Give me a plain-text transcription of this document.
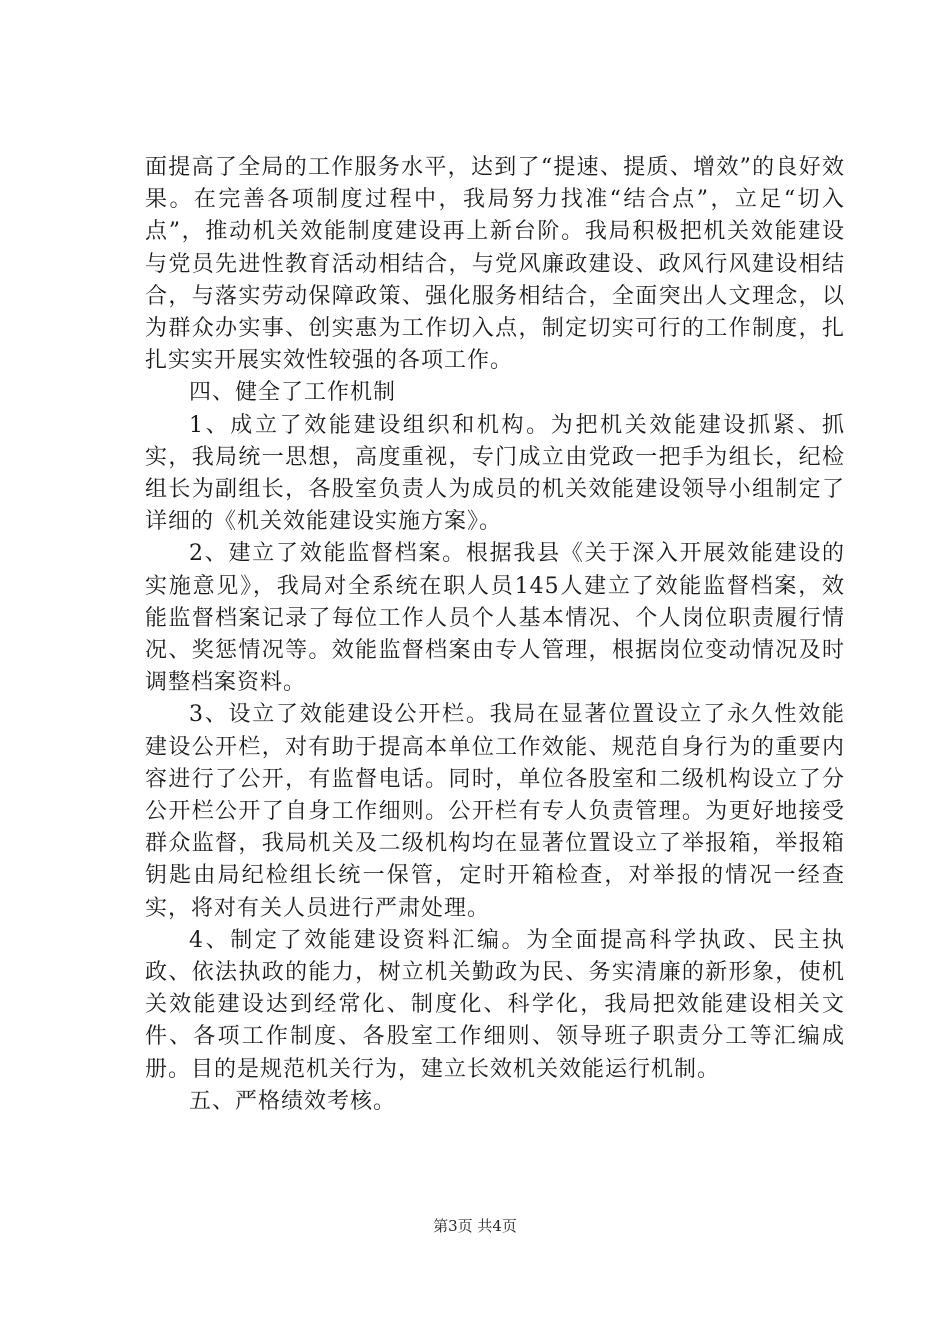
面提高了全局的工作服务水平，达到了“提速、提质、增效”的良好效果。在完善各项制度过程中，我局努力找准“结合点”，立足“切入点”，推动机关效能制度建设再上新台阶。我局积极把机关效能建设与党员先进性教育活动相结合，与党风廉政建设、政风行风建设相结合，与落实劳动保障政策、强化服务相结合，全面突出人文理念，以为群众办实事、创实惠为工作切入点，制定切实可行的工作制度，扎扎实实开展实效性较强的各项工作。

四、健全了工作机制

1、成立了效能建设组织和机构。为把机关效能建设抓紧、抓实，我局统一思想，高度重视，专门成立由党政一把手为组长，纪检组长为副组长，各股室负责人为成员的机关效能建设领导小组制定了详细的《机关效能建设实施方案》。

2、建立了效能监督档案。根据我县《关于深入开展效能建设的实施意见》，我局对全系统在职人员145人建立了效能监督档案，效能监督档案记录了每位工作人员个人基本情况、个人岗位职责履行情况、奖惩情况等。效能监督档案由专人管理，根据岗位变动情况及时调整档案资料。

3、设立了效能建设公开栏。我局在显著位置设立了永久性效能建设公开栏，对有助于提高本单位工作效能、规范自身行为的重要内容进行了公开，有监督电话。同时，单位各股室和二级机构设立了分公开栏公开了自身工作细则。公开栏有专人负责管理。为更好地接受群众监督，我局机关及二级机构均在显著位置设立了举报箱，举报箱钥匙由局纪检组长统一保管，定时开箱检查，对举报的情况一经查实，将对有关人员进行严肃处理。

4、制定了效能建设资料汇编。为全面提高科学执政、民主执政、依法执政的能力，树立机关勤政为民、务实清廉的新形象，使机关效能建设达到经常化、制度化、科学化，我局把效能建设相关文件、各项工作制度、各股室工作细则、领导班子职责分工等汇编成册。目的是规范机关行为，建立长效机关效能运行机制。

五、严格绩效考核。

第3页 共4页
